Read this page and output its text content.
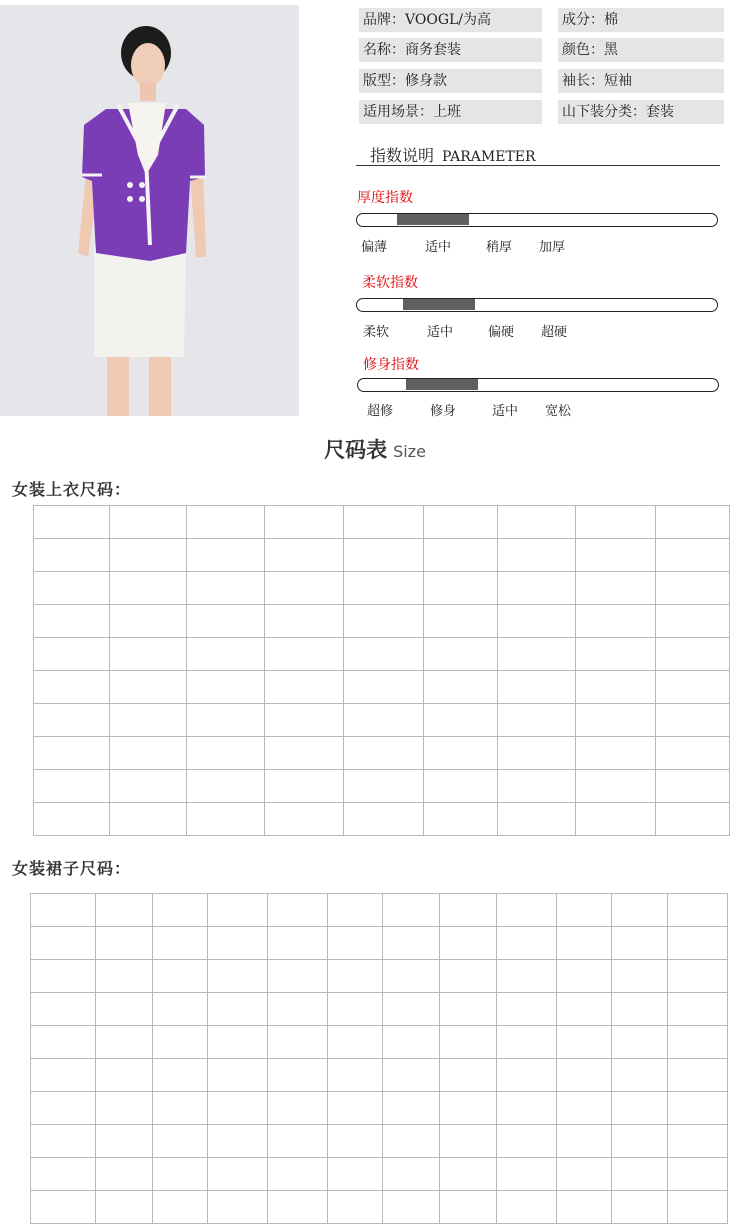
品牌：VOOGL/为高	成分：棉
名称：商务套装	颜色：黑
版型：修身款	袖长：短袖
适用场景：上班	山下装分类：套装
指数说明 PARAMETER
厚度指数
偏薄	适中	稍厚 加厚
柔软指数
柔软	适中	偏硬 超硬
修身指数
超修	修身	适中 宽松
尺码表 Size
女装上衣尺码：

女装裙子尺码：
